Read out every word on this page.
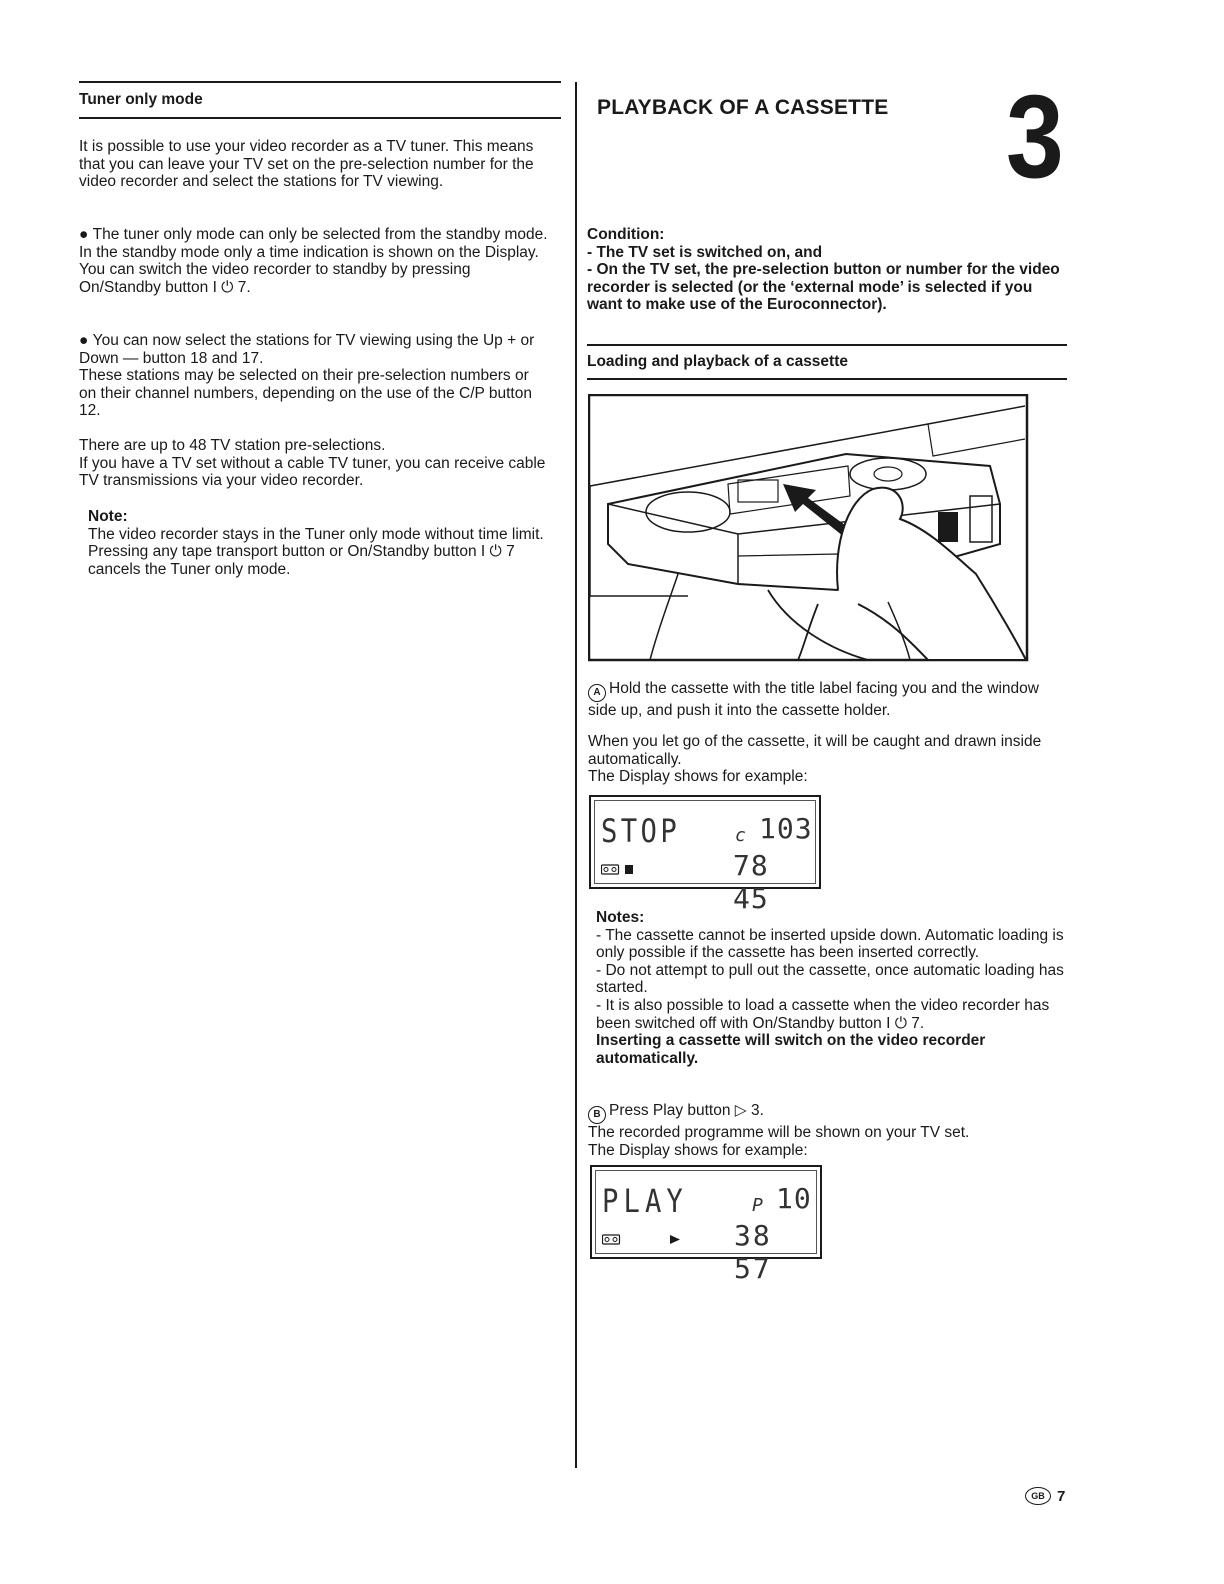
Tuner only mode

It is possible to use your video recorder as a TV tuner. This means that you can leave your TV set on the pre-selection number for the video recorder and select the stations for TV viewing.

● The tuner only mode can only be selected from the standby mode. In the standby mode only a time indication is shown on the Display.

You can switch the video recorder to standby by pressing On/Standby button I ⏻ 7.

● You can now select the stations for TV viewing using the Up + or Down — button 18 and 17.

These stations may be selected on their pre-selection numbers or on their channel numbers, depending on the use of the C/P button 12.

There are up to 48 TV station pre-selections.

If you have a TV set without a cable TV tuner, you can receive cable TV transmissions via your video recorder.

Note:

The video recorder stays in the Tuner only mode without time limit. Pressing any tape transport button or On/Standby button I ⏻ 7 cancels the Tuner only mode.

PLAYBACK OF A CASSETTE 3

Condition:

- The TV set is switched on, and

- On the TV set, the pre-selection button or number for the video recorder is selected (or the ‘external mode’ is selected if you want to make use of the Euroconnector).

Loading and playback of a cassette

A Hold the cassette with the title label facing you and the window side up, and push it into the cassette holder.

When you let go of the cassette, it will be caught and drawn inside automatically.

The Display shows for example:

STOP	c 103
78 45

Notes:

- The cassette cannot be inserted upside down. Automatic loading is only possible if the cassette has been inserted correctly.

- Do not attempt to pull out the cassette, once automatic loading has started.

- It is also possible to load a cassette when the video recorder has been switched off with On/Standby button I ⏻ 7.

Inserting a cassette will switch on the video recorder automatically.

B Press Play button ▷ 3.

The recorded programme will be shown on your TV set.

The Display shows for example:

PLAY	P 10
38 57
GB 7
